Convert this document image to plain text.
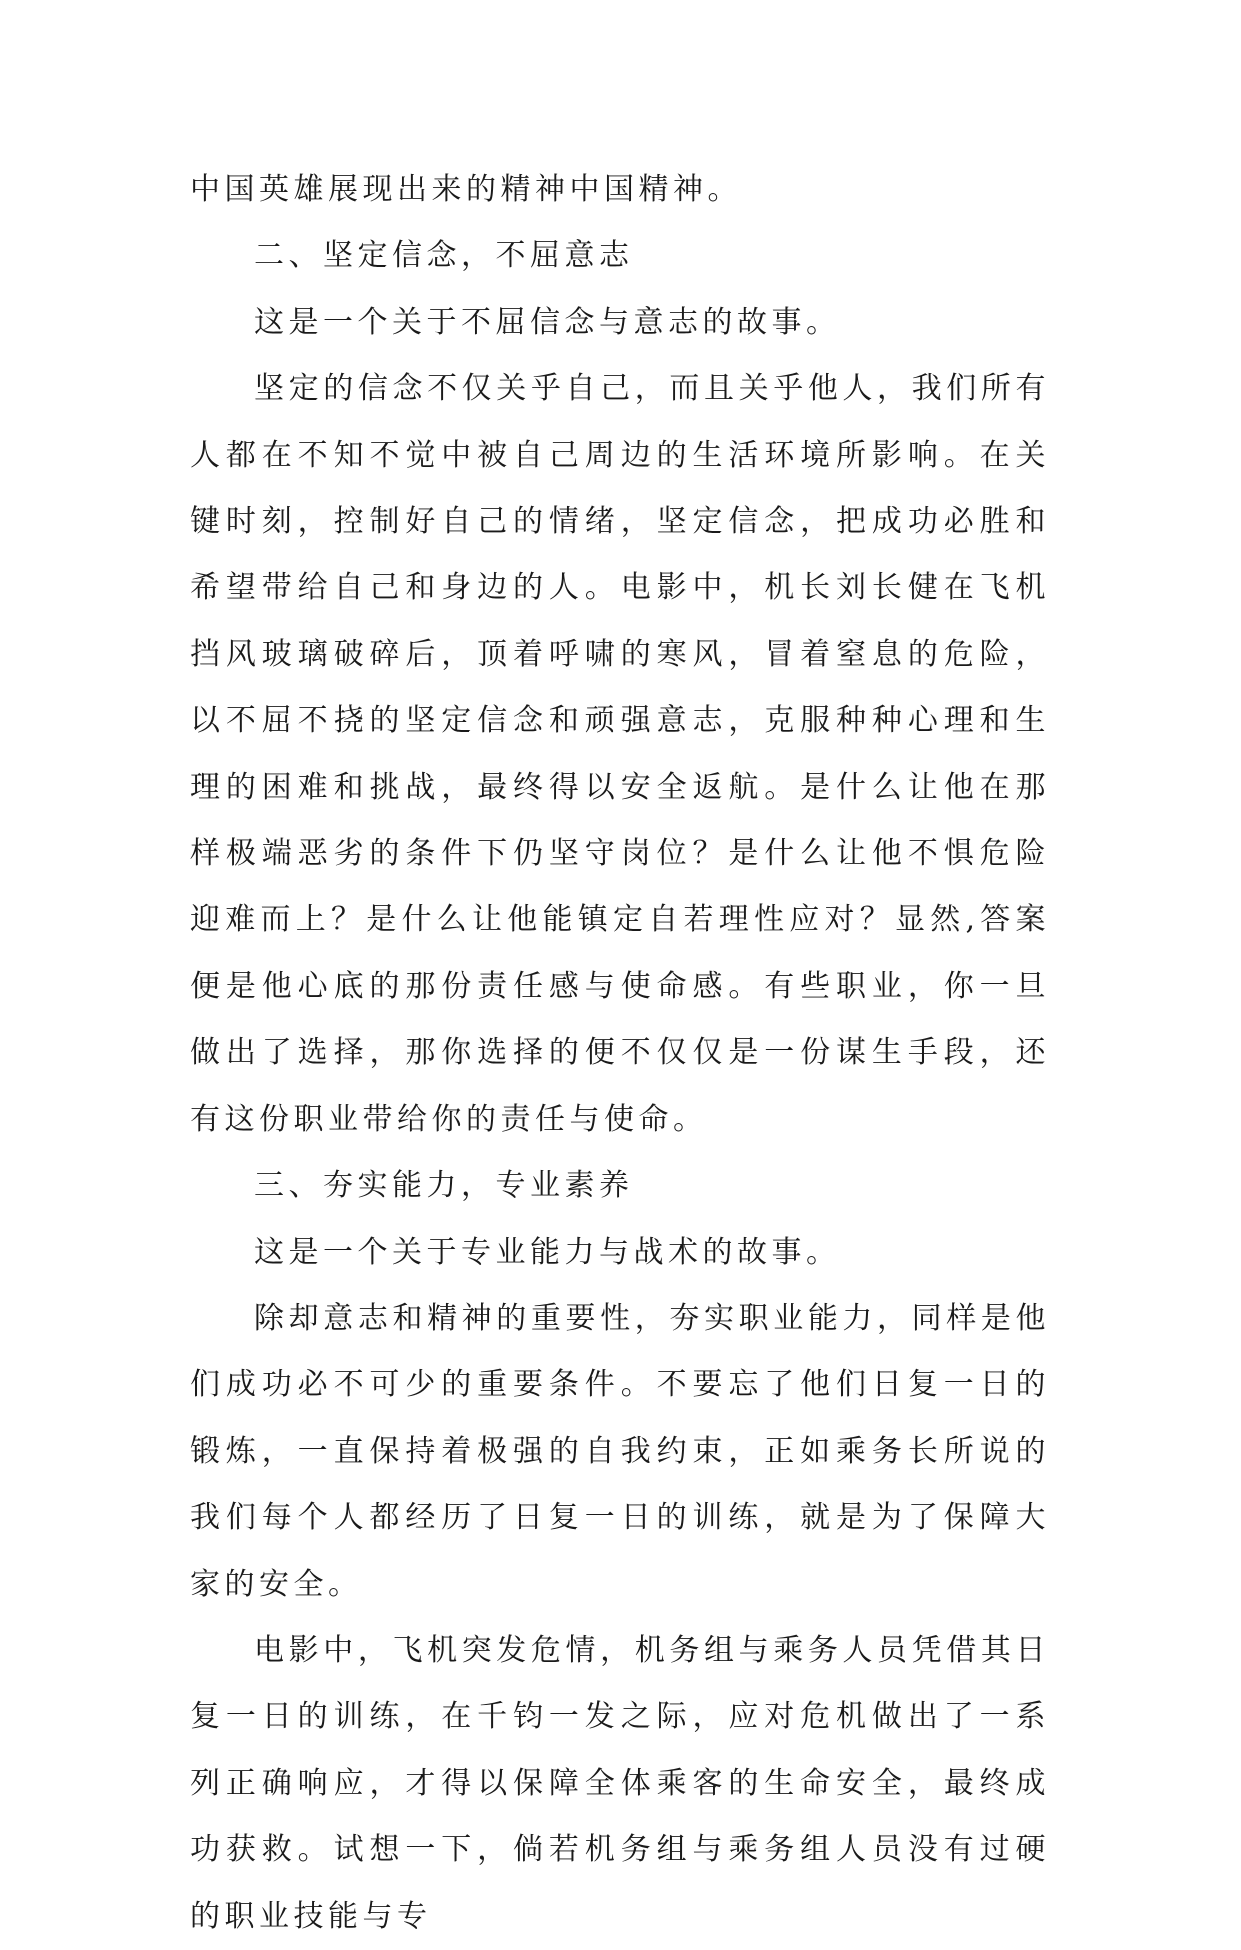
中国英雄展现出来的精神中国精神。

二、坚定信念，不屈意志

这是一个关于不屈信念与意志的故事。

坚定的信念不仅关乎自己，而且关乎他人，我们所有人都在不知不觉中被自己周边的生活环境所影响。在关键时刻，控制好自己的情绪，坚定信念，把成功必胜和希望带给自己和身边的人。电影中，机长刘长健在飞机挡风玻璃破碎后，顶着呼啸的寒风，冒着窒息的危险，以不屈不挠的坚定信念和顽强意志，克服种种心理和生理的困难和挑战，最终得以安全返航。是什么让他在那样极端恶劣的条件下仍坚守岗位？是什么让他不惧危险迎难而上？是什么让他能镇定自若理性应对？显然,答案便是他心底的那份责任感与使命感。有些职业，你一旦做出了选择，那你选择的便不仅仅是一份谋生手段，还有这份职业带给你的责任与使命。

三、夯实能力，专业素养

这是一个关于专业能力与战术的故事。

除却意志和精神的重要性，夯实职业能力，同样是他们成功必不可少的重要条件。不要忘了他们日复一日的锻炼，一直保持着极强的自我约束，正如乘务长所说的我们每个人都经历了日复一日的训练，就是为了保障大家的安全。

电影中，飞机突发危情，机务组与乘务人员凭借其日复一日的训练，在千钧一发之际，应对危机做出了一系列正确响应，才得以保障全体乘客的生命安全，最终成功获救。试想一下，倘若机务组与乘务组人员没有过硬的职业技能与专
